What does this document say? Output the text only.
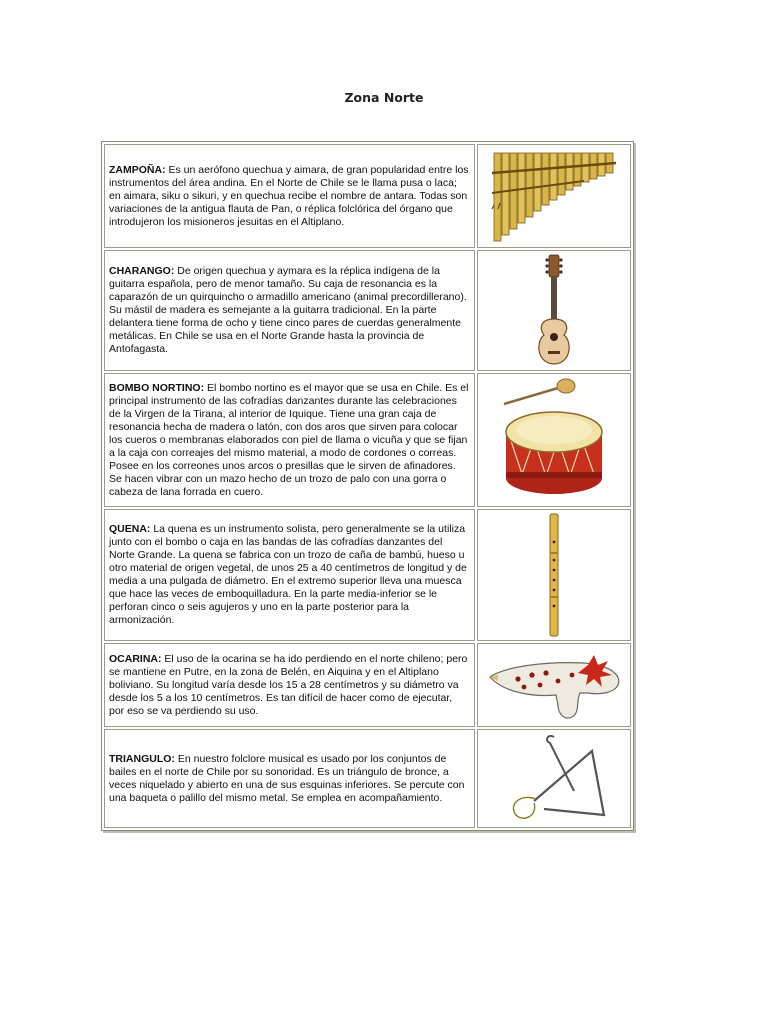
Zona Norte

ZAMPOÑA: Es un aerófono quechua y aimara, de gran popularidad entre los instrumentos del área andina. En el Norte de Chile se le llama pusa o laca; en aimara, siku o sikuri, y en quechua recibe el nombre de antara. Todas son variaciones de la antigua flauta de Pan, o réplica folclórica del órgano que introdujeron los misioneros jesuitas en el Altiplano.

CHARANGO: De origen quechua y aymara es la réplica indígena de la guitarra española, pero de menor tamaño. Su caja de resonancia es la caparazón de un quirquincho o armadillo americano (animal precordillerano). Su mástil de madera es semejante a la guitarra tradicional. En la parte delantera tiene forma de ocho y tiene cinco pares de cuerdas generalmente metálicas. En Chile se usa en el Norte Grande hasta la provincia de Antofagasta.

BOMBO NORTINO: El bombo nortino es el mayor que se usa en Chile. Es el principal instrumento de las cofradías danzantes durante las celebraciones de la Virgen de la Tirana, al interior de Iquique. Tiene una gran caja de resonancia hecha de madera o latón, con dos aros que sirven para colocar los cueros o membranas elaborados con piel de llama o vicuña y que se fijan a la caja con correajes del mismo material, a modo de cordones o correas. Posee en los correones unos arcos o presillas que le sirven de afinadores. Se hacen vibrar con un mazo hecho de un trozo de palo con una gorra o cabeza de lana forrada en cuero.

QUENA: La quena es un instrumento solista, pero generalmente se la utiliza junto con el bombo o caja en las bandas de las cofradías danzantes del Norte Grande. La quena se fabrica con un trozo de caña de bambú, hueso u otro material de origen vegetal, de unos 25 a 40 centímetros de longitud y de media a una pulgada de diámetro. En el extremo superior lleva una muesca que hace las veces de emboquilladura. En la parte media-inferior se le perforan cinco o seis agujeros y uno en la parte posterior para la armonización.

OCARINA: El uso de la ocarina se ha ido perdiendo en el norte chileno; pero se mantiene en Putre, en la zona de Belén, en Aiquina y en el Altiplano boliviano. Su longitud varía desde los 15 a 28 centímetros y su diámetro va desde los 5 a los 10 centímetros. Es tan difícil de hacer como de ejecutar, por eso se va perdiendo su uso.

TRIANGULO: En nuestro folclore musical es usado por los conjuntos de bailes en el norte de Chile por su sonoridad. Es un triángulo de bronce, a veces niquelado y abierto en una de sus esquinas inferiores. Se percute con una baqueta o palillo del mismo metal. Se emplea en acompañamiento.
